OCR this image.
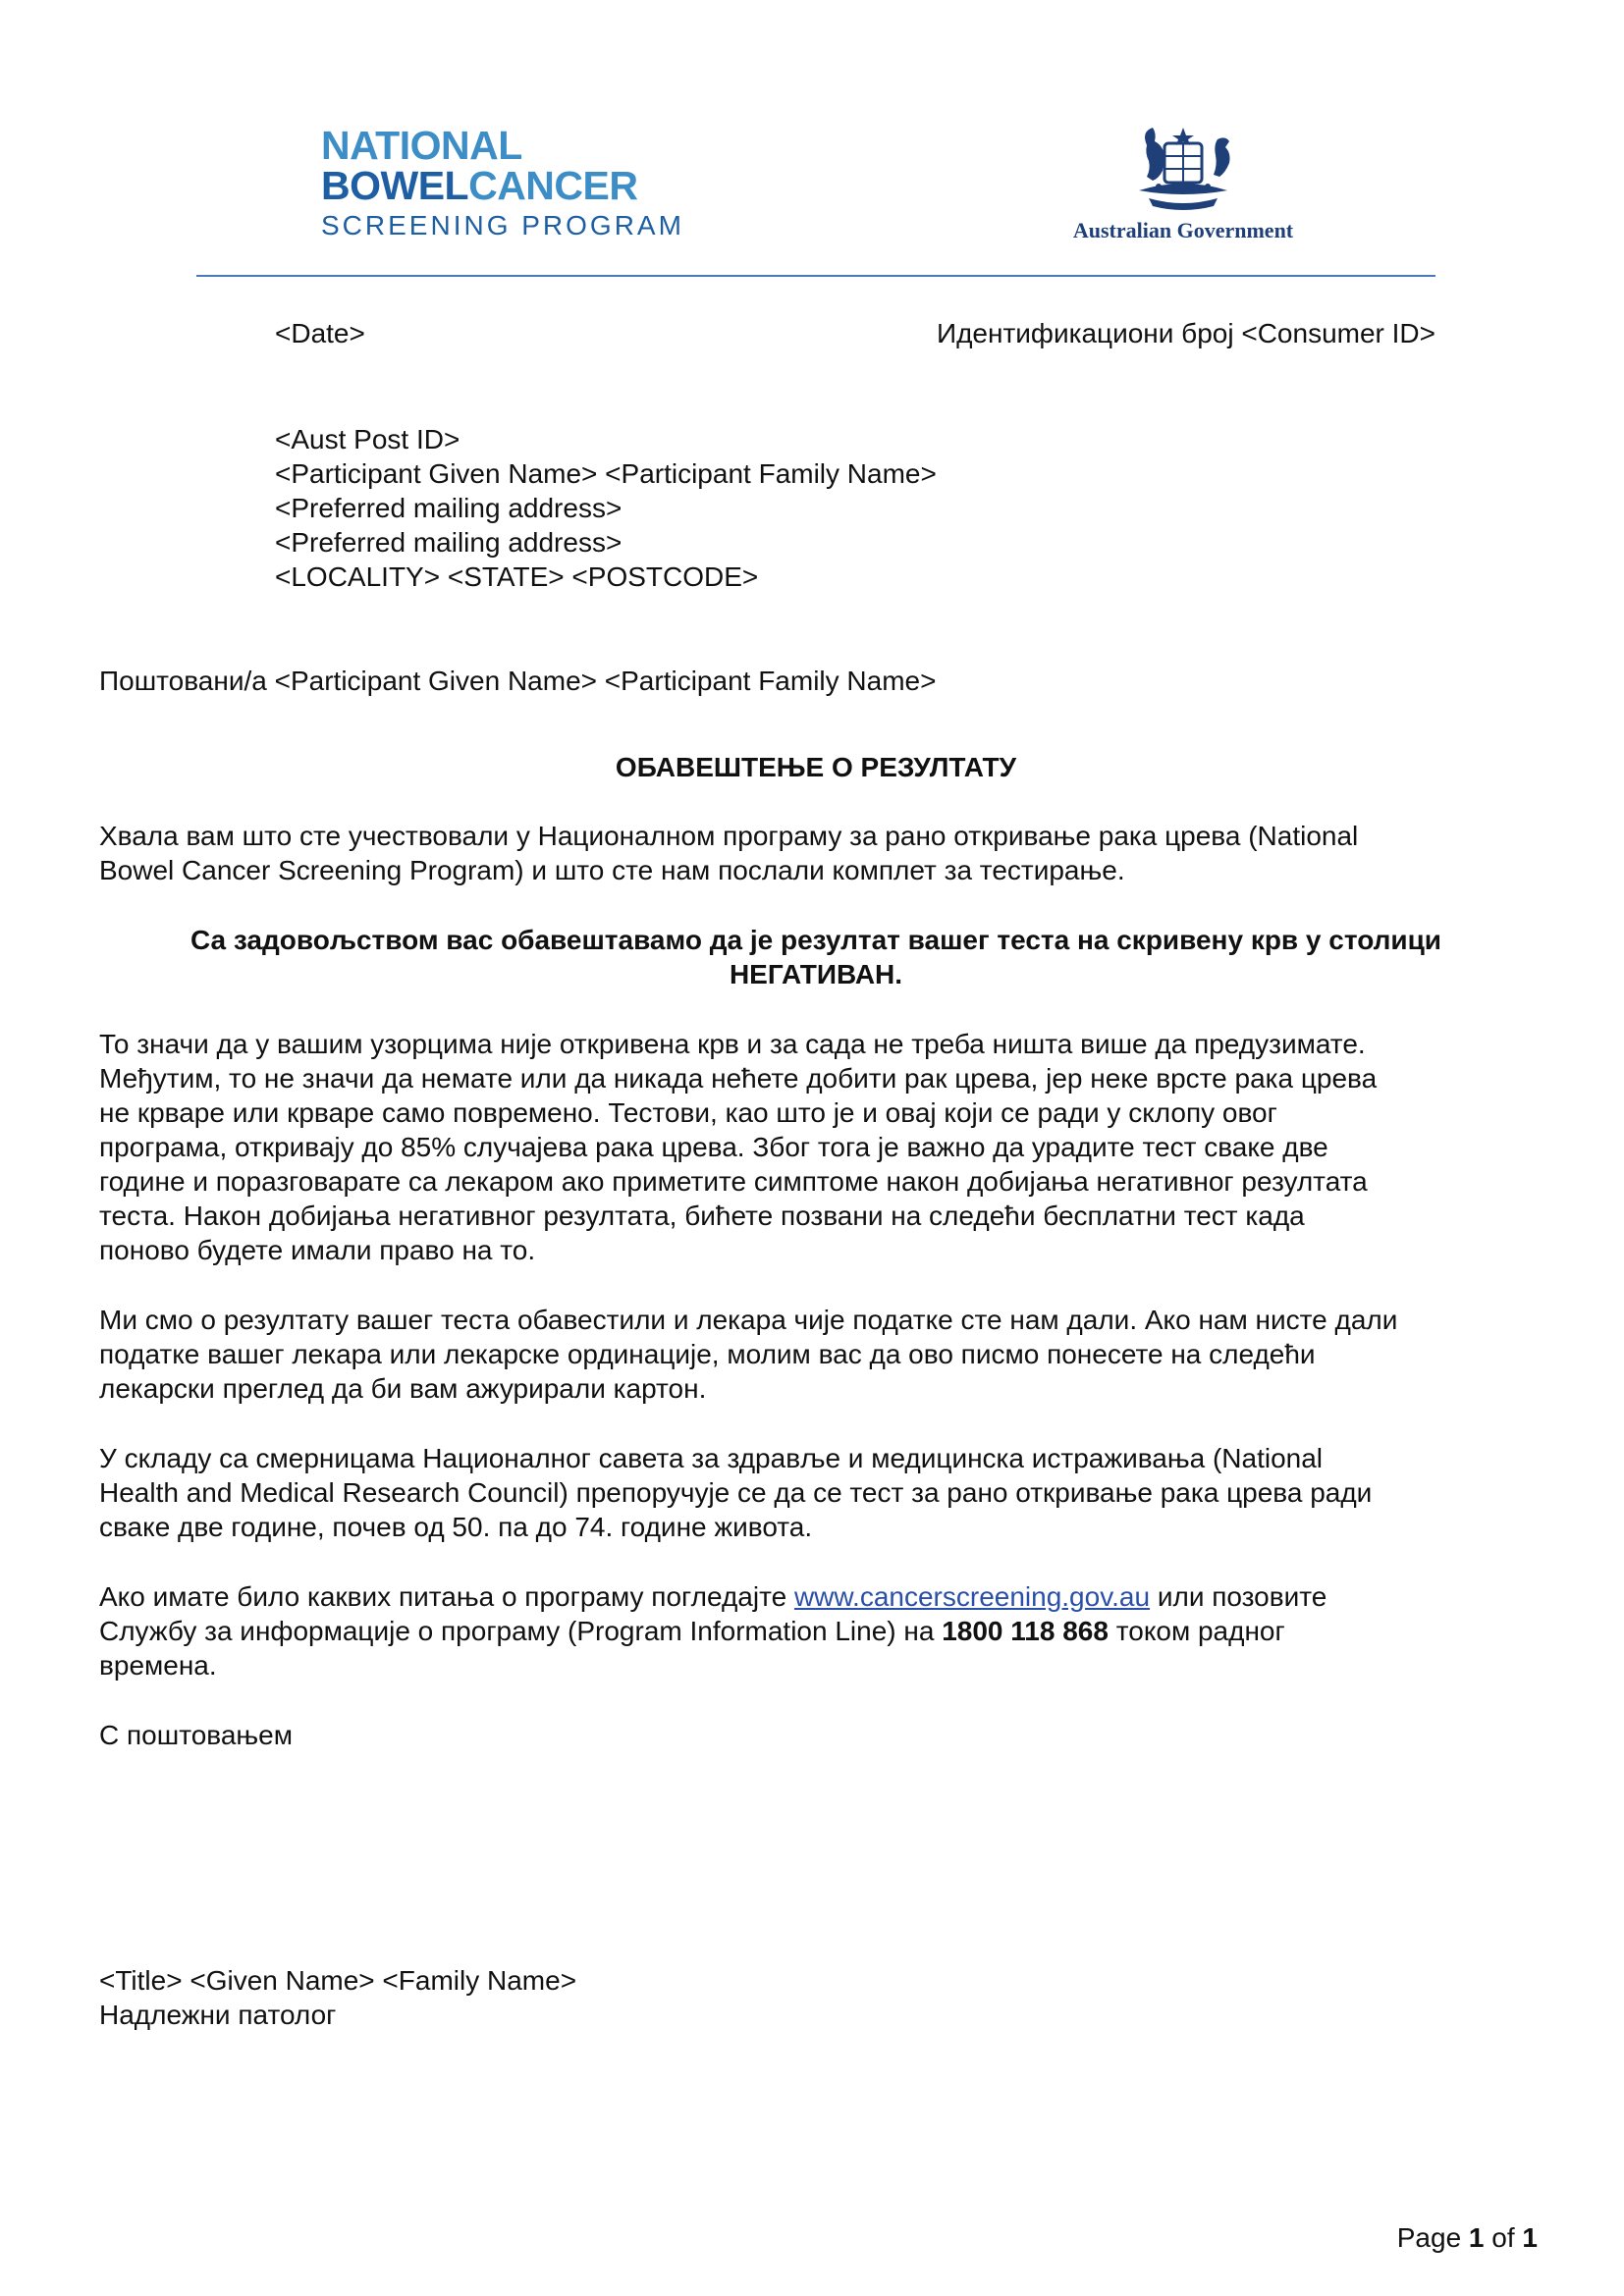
NATIONAL
BOWELCANCER
SCREENING PROGRAM	Australian Government
<Date>	Идентификациони број <Consumer ID>
<Aust Post ID>
<Participant Given Name> <Participant Family Name>
<Preferred mailing address>
<Preferred mailing address>
<LOCALITY> <STATE> <POSTCODE>
Поштовани/а <Participant Given Name> <Participant Family Name>
ОБАВЕШТЕЊЕ О РЕЗУЛТАТУ
Хвала вам што сте учествовали у Националном програму за рано откривање рака црева (National
Bowel Cancer Screening Program) и што сте нам послали комплет за тестирање.
Са задовољством вас обавештавамо да је резултат вашег теста на скривену крв у столици
НЕГАТИВАН.
То значи да у вашим узорцима није откривена крв и за сада не треба ништа више да предузимате.
Међутим, то не значи да немате или да никада нећете добити рак црева, јер неке врсте рака црева
не крваре или крваре само повремено. Тестови, као што је и овај који се ради у склопу овог
програма, откривају до 85% случајева рака црева. Због тога је важно да урадите тест сваке две
године и поразговарате са лекаром ако приметите симптоме након добијања негативног резултата
теста. Након добијања негативног резултата, бићете позвани на следећи бесплатни тест када
поново будете имали право на то.
Ми смо о резултату вашег теста обавестили и лекара чије податке сте нам дали. Ако нам нисте дали
податке вашег лекара или лекарске ординације, молим вас да ово писмо понесете на следећи
лекарски преглед да би вам ажурирали картон.
У складу са смерницама Националног савета за здравље и медицинска истраживања (National
Health and Medical Research Council) препоручује се да се тест за рано откривање рака црева ради
сваке две године, почев од 50. па до 74. године живота.
Ако имате било каквих питања о програму погледајте www.cancerscreening.gov.au или позовите
Службу за информације о програму (Program Information Line) на 1800 118 868 током радног
времена.
С поштовањем
<Title> <Given Name> <Family Name>
Надлежни патолог
Page 1 of 1
